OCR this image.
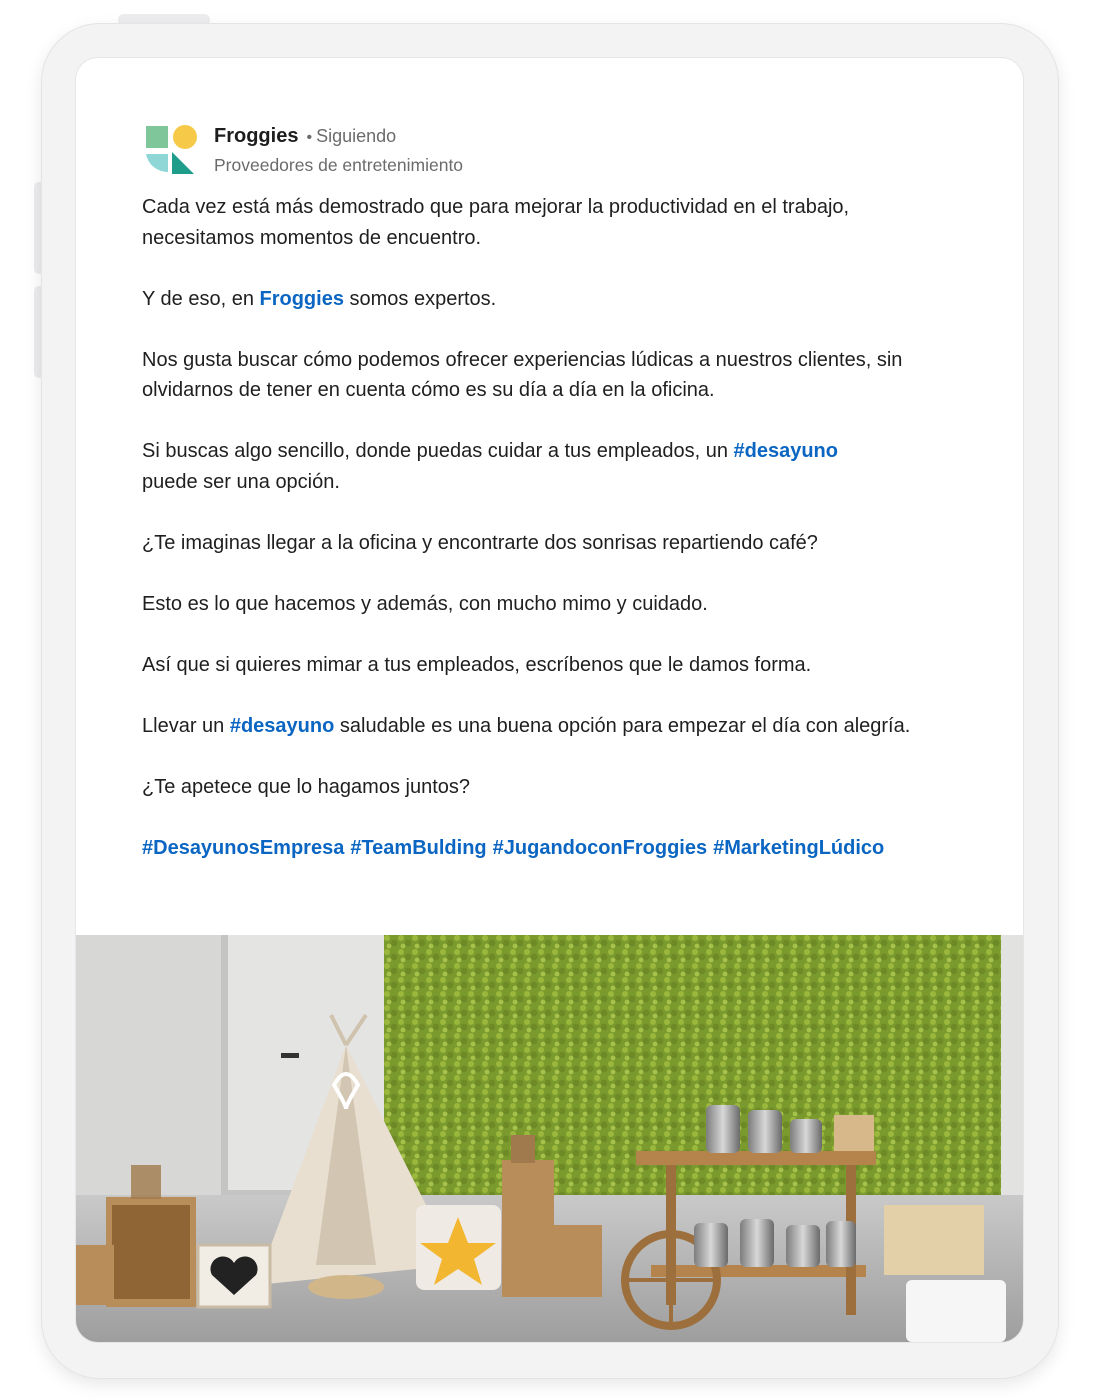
Froggies • Siguiendo
Proveedores de entretenimiento

Cada vez está más demostrado que para mejorar la productividad en el trabajo, necesitamos momentos de encuentro.

Y de eso, en Froggies somos expertos.

Nos gusta buscar cómo podemos ofrecer experiencias lúdicas a nuestros clientes, sin olvidarnos de tener en cuenta cómo es su día a día en la oficina.

Si buscas algo sencillo, donde puedas cuidar a tus empleados, un #desayuno
puede ser una opción.

¿Te imaginas llegar a la oficina y encontrarte dos sonrisas repartiendo café?

Esto es lo que hacemos y además, con mucho mimo y cuidado.

Así que si quieres mimar a tus empleados, escríbenos que le damos forma.

Llevar un #desayuno saludable es una buena opción para empezar el día con alegría.

¿Te apetece que lo hagamos juntos?

#DesayunosEmpresa #TeamBulding #JugandoconFroggies #MarketingLúdico
